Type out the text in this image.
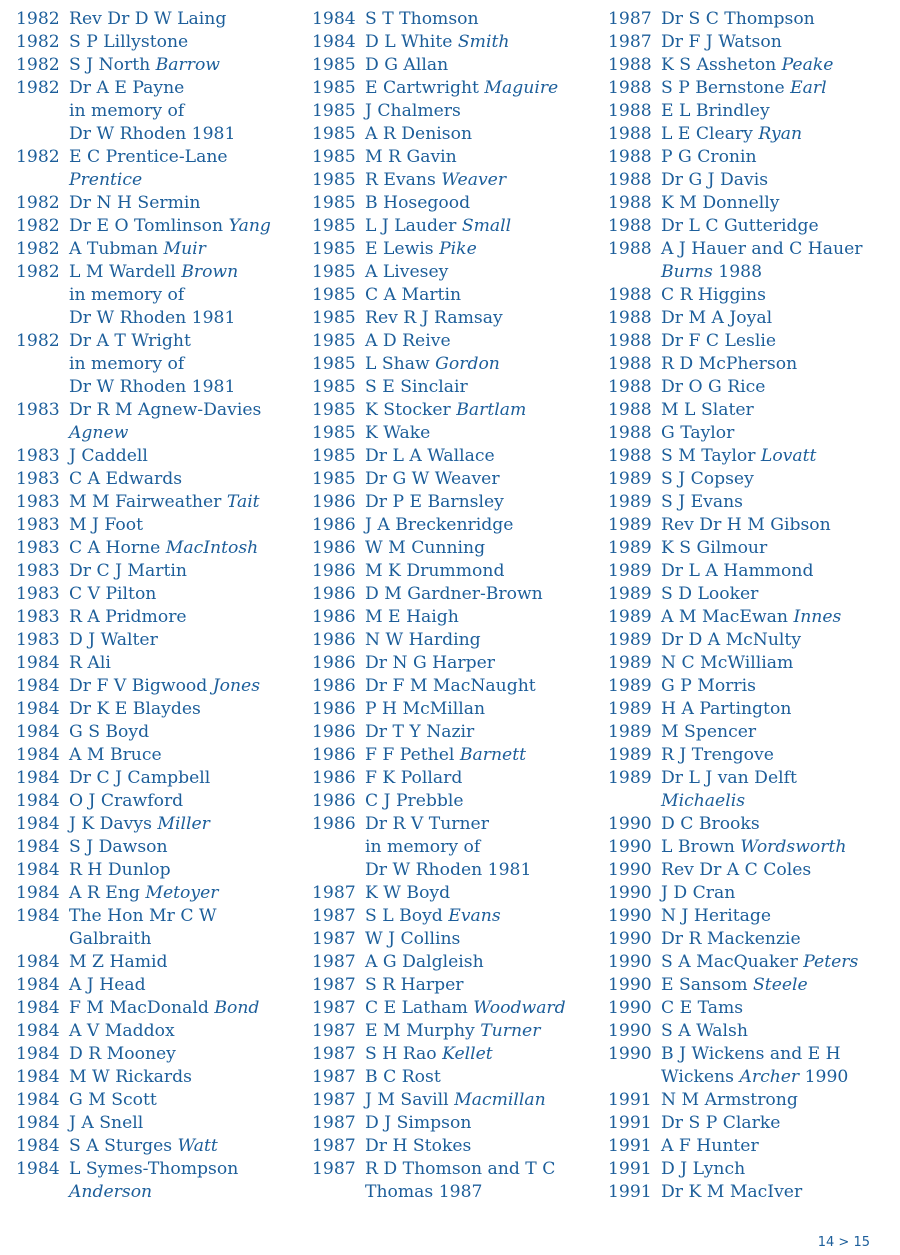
1982 Rev Dr D W Laing
1982 S P Lillystone
1982 S J North Barrow
1982 Dr A E Payne
in memory of
Dr W Rhoden 1981
1982 E C Prentice-Lane
Prentice
1982 Dr N H Sermin
1982 Dr E O Tomlinson Yang
1982 A Tubman Muir
1982 L M Wardell Brown
in memory of
Dr W Rhoden 1981
1982 Dr A T Wright
in memory of
Dr W Rhoden 1981
1983 Dr R M Agnew-Davies
Agnew
1983 J Caddell
1983 C A Edwards
1983 M M Fairweather Tait
1983 M J Foot
1983 C A Horne MacIntosh
1983 Dr C J Martin
1983 C V Pilton
1983 R A Pridmore
1983 D J Walter
1984 R Ali
1984 Dr F V Bigwood Jones
1984 Dr K E Blaydes
1984 G S Boyd
1984 A M Bruce
1984 Dr C J Campbell
1984 O J Crawford
1984 J K Davys Miller
1984 S J Dawson
1984 R H Dunlop
1984 A R Eng Metoyer
1984 The Hon Mr C W
Galbraith
1984 M Z Hamid
1984 A J Head
1984 F M MacDonald Bond
1984 A V Maddox
1984 D R Mooney
1984 M W Rickards
1984 G M Scott
1984 J A Snell
1984 S A Sturges Watt
1984 L Symes-Thompson
Anderson
1984 S T Thomson
1984 D L White Smith
1985 D G Allan
1985 E Cartwright Maguire
1985 J Chalmers
1985 A R Denison
1985 M R Gavin
1985 R Evans Weaver
1985 B Hosegood
1985 L J Lauder Small
1985 E Lewis Pike
1985 A Livesey
1985 C A Martin
1985 Rev R J Ramsay
1985 A D Reive
1985 L Shaw Gordon
1985 S E Sinclair
1985 K Stocker Bartlam
1985 K Wake
1985 Dr L A Wallace
1985 Dr G W Weaver
1986 Dr P E Barnsley
1986 J A Breckenridge
1986 W M Cunning
1986 M K Drummond
1986 D M Gardner-Brown
1986 M E Haigh
1986 N W Harding
1986 Dr N G Harper
1986 Dr F M MacNaught
1986 P H McMillan
1986 Dr T Y Nazir
1986 F F Pethel Barnett
1986 F K Pollard
1986 C J Prebble
1986 Dr R V Turner
in memory of
Dr W Rhoden 1981
1987 K W Boyd
1987 S L Boyd Evans
1987 W J Collins
1987 A G Dalgleish
1987 S R Harper
1987 C E Latham Woodward
1987 E M Murphy Turner
1987 S H Rao Kellet
1987 B C Rost
1987 J M Savill Macmillan
1987 D J Simpson
1987 Dr H Stokes
1987 R D Thomson and T C
Thomas 1987
1987 Dr S C Thompson
1987 Dr F J Watson
1988 K S Assheton Peake
1988 S P Bernstone Earl
1988 E L Brindley
1988 L E Cleary Ryan
1988 P G Cronin
1988 Dr G J Davis
1988 K M Donnelly
1988 Dr L C Gutteridge
1988 A J Hauer and C Hauer
Burns 1988
1988 C R Higgins
1988 Dr M A Joyal
1988 Dr F C Leslie
1988 R D McPherson
1988 Dr O G Rice
1988 M L Slater
1988 G Taylor
1988 S M Taylor Lovatt
1989 S J Copsey
1989 S J Evans
1989 Rev Dr H M Gibson
1989 K S Gilmour
1989 Dr L A Hammond
1989 S D Looker
1989 A M MacEwan Innes
1989 Dr D A McNulty
1989 N C McWilliam
1989 G P Morris
1989 H A Partington
1989 M Spencer
1989 R J Trengove
1989 Dr L J van Delft
Michaelis
1990 D C Brooks
1990 L Brown Wordsworth
1990 Rev Dr A C Coles
1990 J D Cran
1990 N J Heritage
1990 Dr R Mackenzie
1990 S A MacQuaker Peters
1990 E Sansom Steele
1990 C E Tams
1990 S A Walsh
1990 B J Wickens and E H
Wickens Archer 1990
1991 N M Armstrong
1991 Dr S P Clarke
1991 A F Hunter
1991 D J Lynch
1991 Dr K M MacIver
14 > 15
